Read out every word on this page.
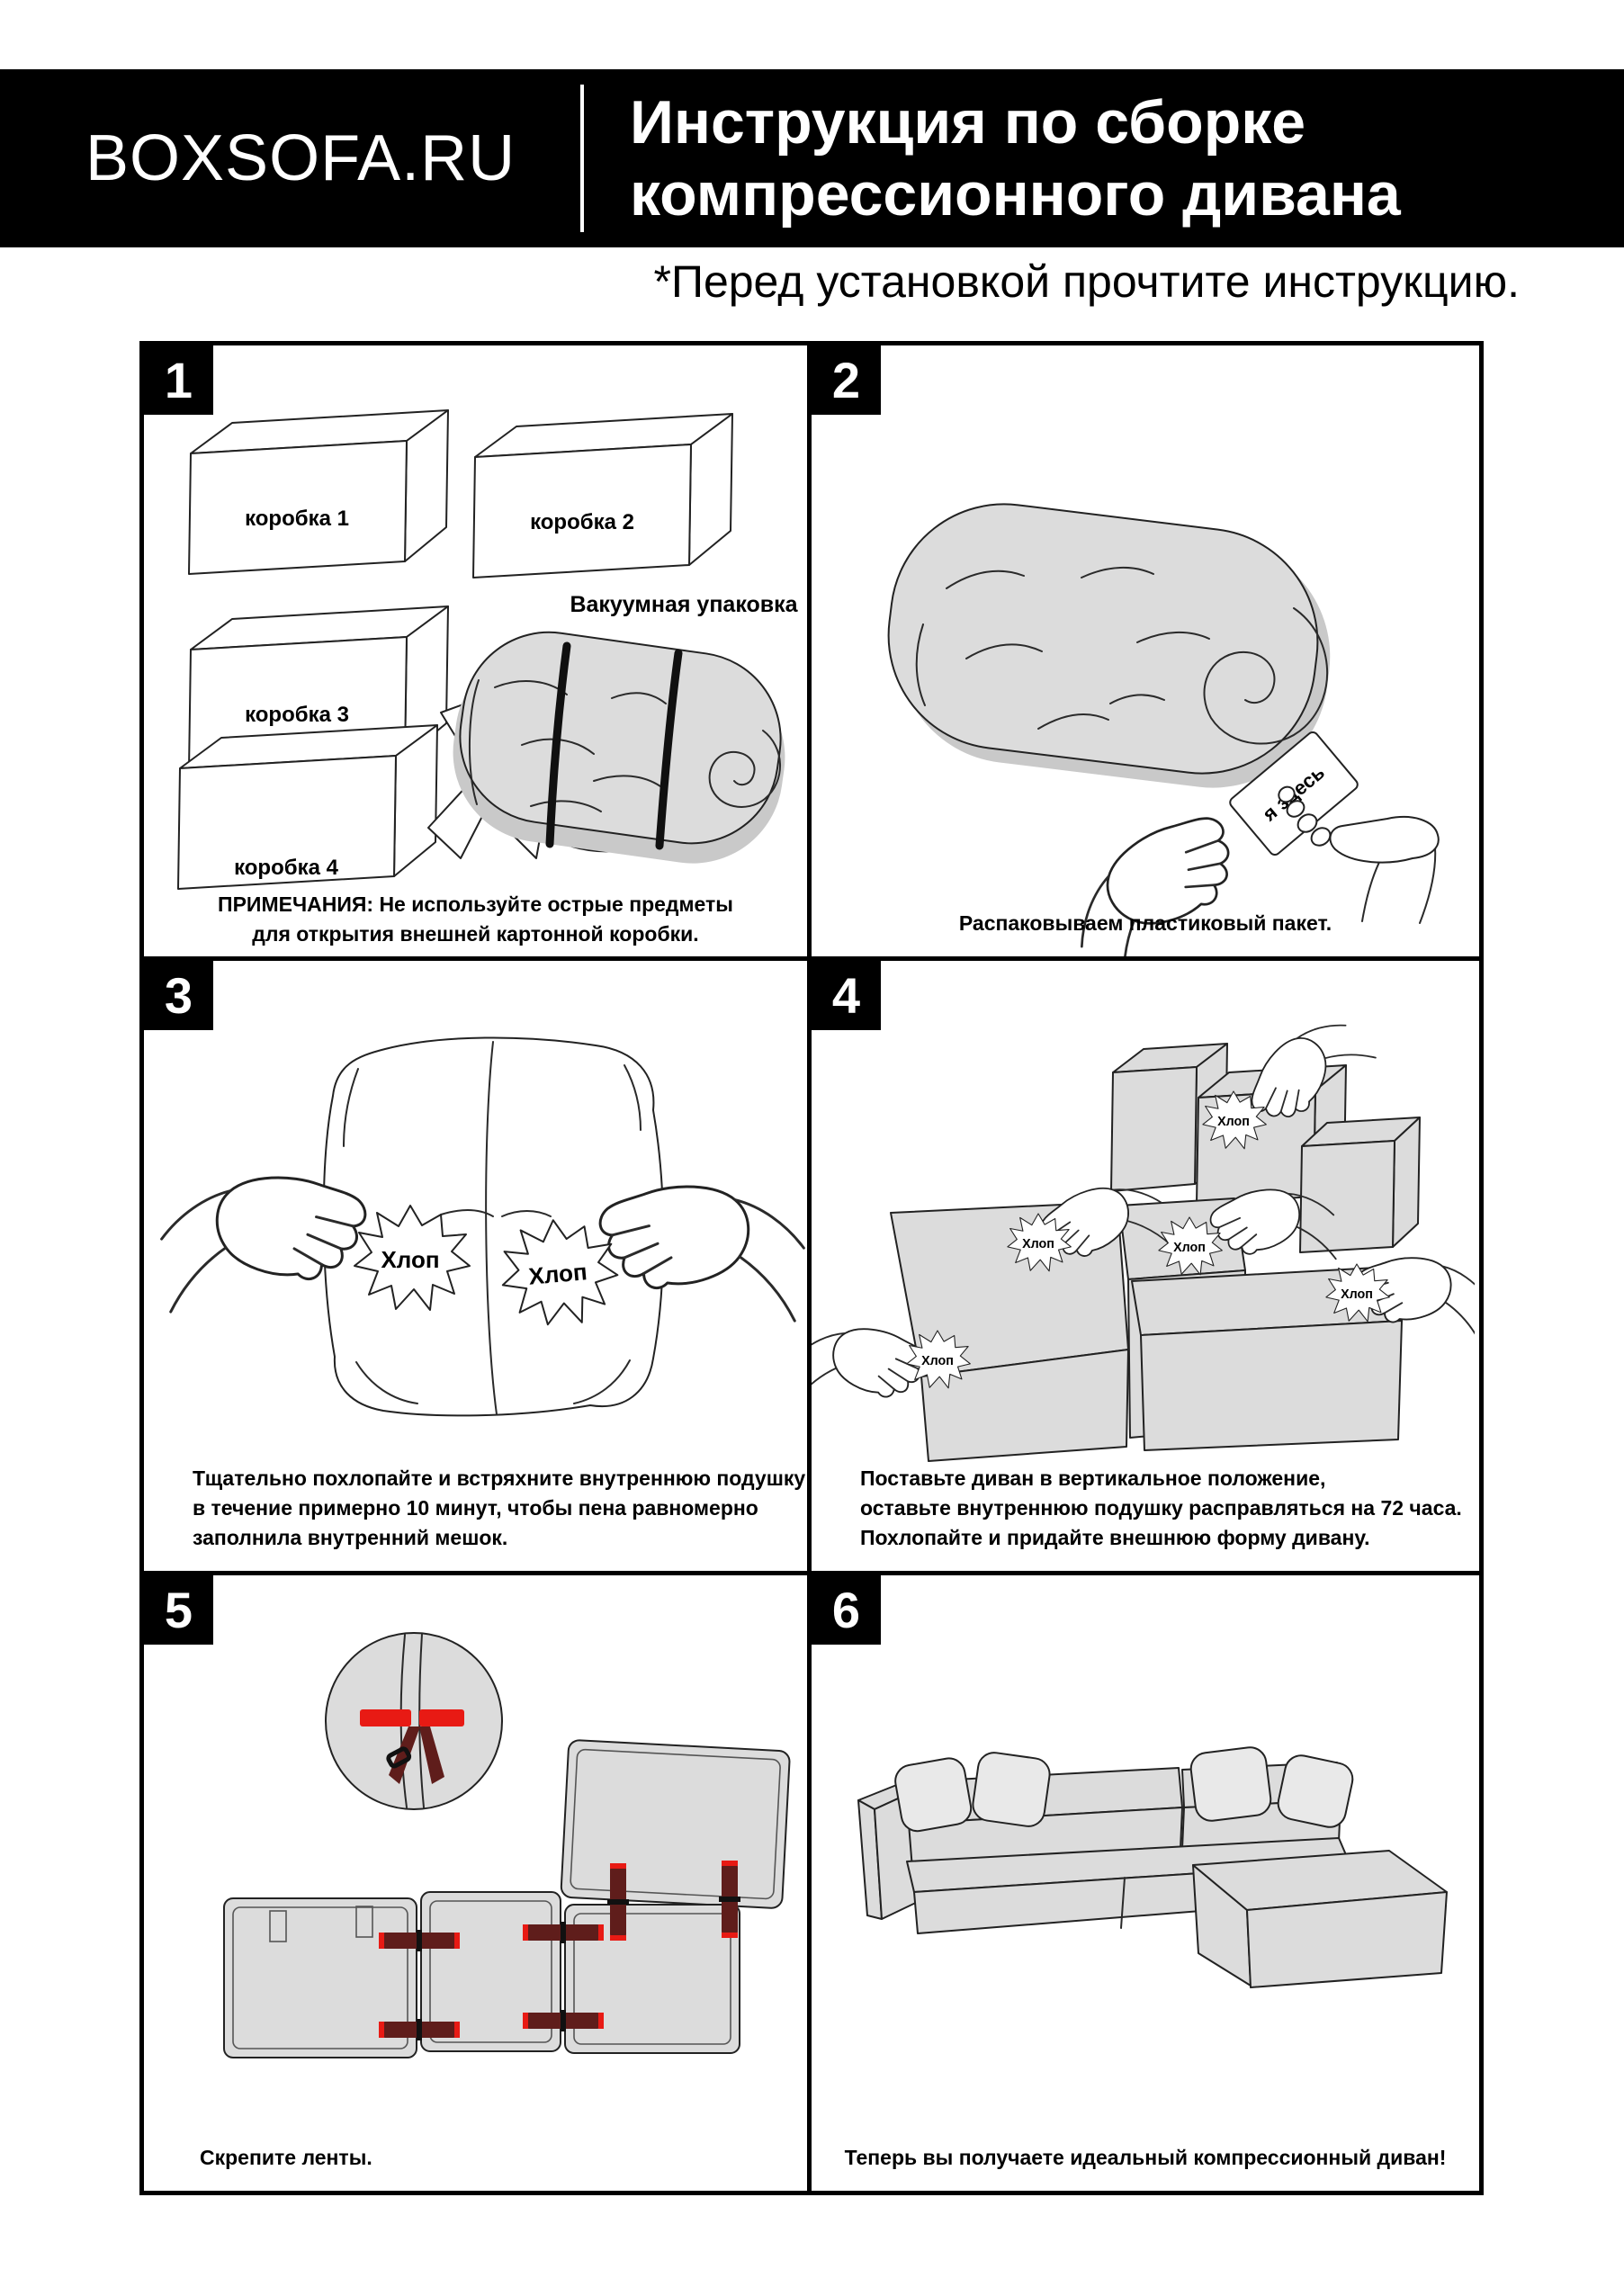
BOXSOFA.RU Инструкция по сборке
компрессионного дивана
*Перед установкой прочтите инструкцию.
1
коробка 1	коробка 2
коробка 3
коробка 4
Вакуумная упаковка
ПРИМЕЧАНИЯ: Не используйте острые предметы
для открытия внешней картонной коробки.
2
я здесь
Распаковываем пластиковый пакет.
3
Хлоп	Хлоп
Тщательно похлопайте и встряхните внутреннюю подушку
в течение примерно 10 минут, чтобы пена равномерно
заполнила внутренний мешок.
4
Хлоп
Хлоп
Хлоп
Хлоп
Хлоп
Поставьте диван в вертикальное положение,
оставьте внутреннюю подушку расправляться на 72 часа.
Похлопайте и придайте внешнюю форму дивану.
5
Скрепите ленты.
6
Теперь вы получаете идеальный компрессионный диван!
